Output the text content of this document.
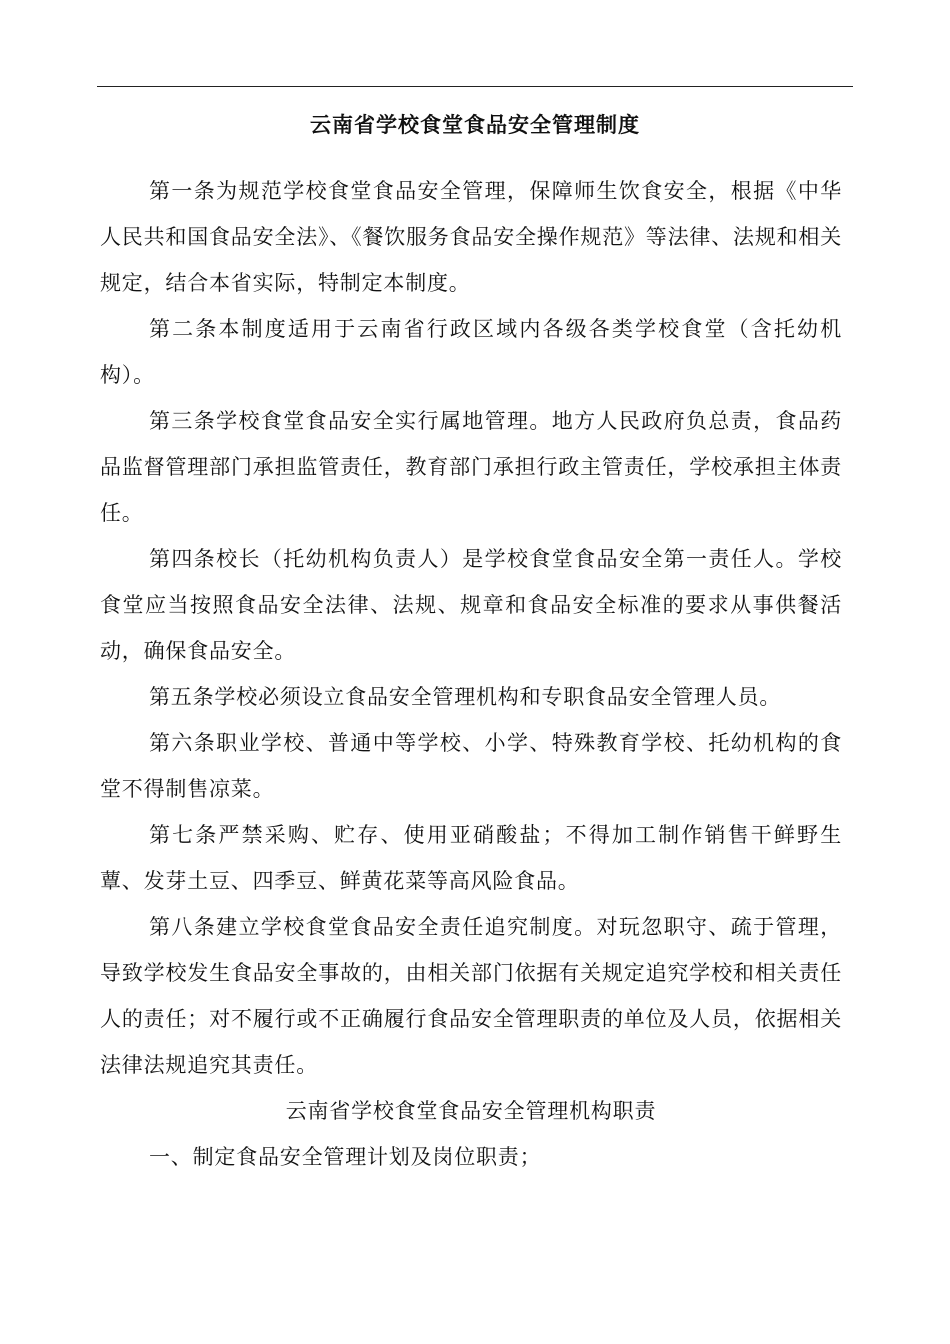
云南省学校食堂食品安全管理制度

第一条为规范学校食堂食品安全管理，保障师生饮食安全，根据《中华人民共和国食品安全法》、《餐饮服务食品安全操作规范》等法律、法规和相关规定，结合本省实际，特制定本制度。

第二条本制度适用于云南省行政区域内各级各类学校食堂（含托幼机构）。

第三条学校食堂食品安全实行属地管理。地方人民政府负总责，食品药品监督管理部门承担监管责任，教育部门承担行政主管责任，学校承担主体责任。

第四条校长（托幼机构负责人）是学校食堂食品安全第一责任人。学校食堂应当按照食品安全法律、法规、规章和食品安全标准的要求从事供餐活动，确保食品安全。

第五条学校必须设立食品安全管理机构和专职食品安全管理人员。

第六条职业学校、普通中等学校、小学、特殊教育学校、托幼机构的食堂不得制售凉菜。

第七条严禁采购、贮存、使用亚硝酸盐；不得加工制作销售干鲜野生蕈、发芽土豆、四季豆、鲜黄花菜等高风险食品。

第八条建立学校食堂食品安全责任追究制度。对玩忽职守、疏于管理，导致学校发生食品安全事故的，由相关部门依据有关规定追究学校和相关责任人的责任；对不履行或不正确履行食品安全管理职责的单位及人员，依据相关法律法规追究其责任。

云南省学校食堂食品安全管理机构职责

一、制定食品安全管理计划及岗位职责；
